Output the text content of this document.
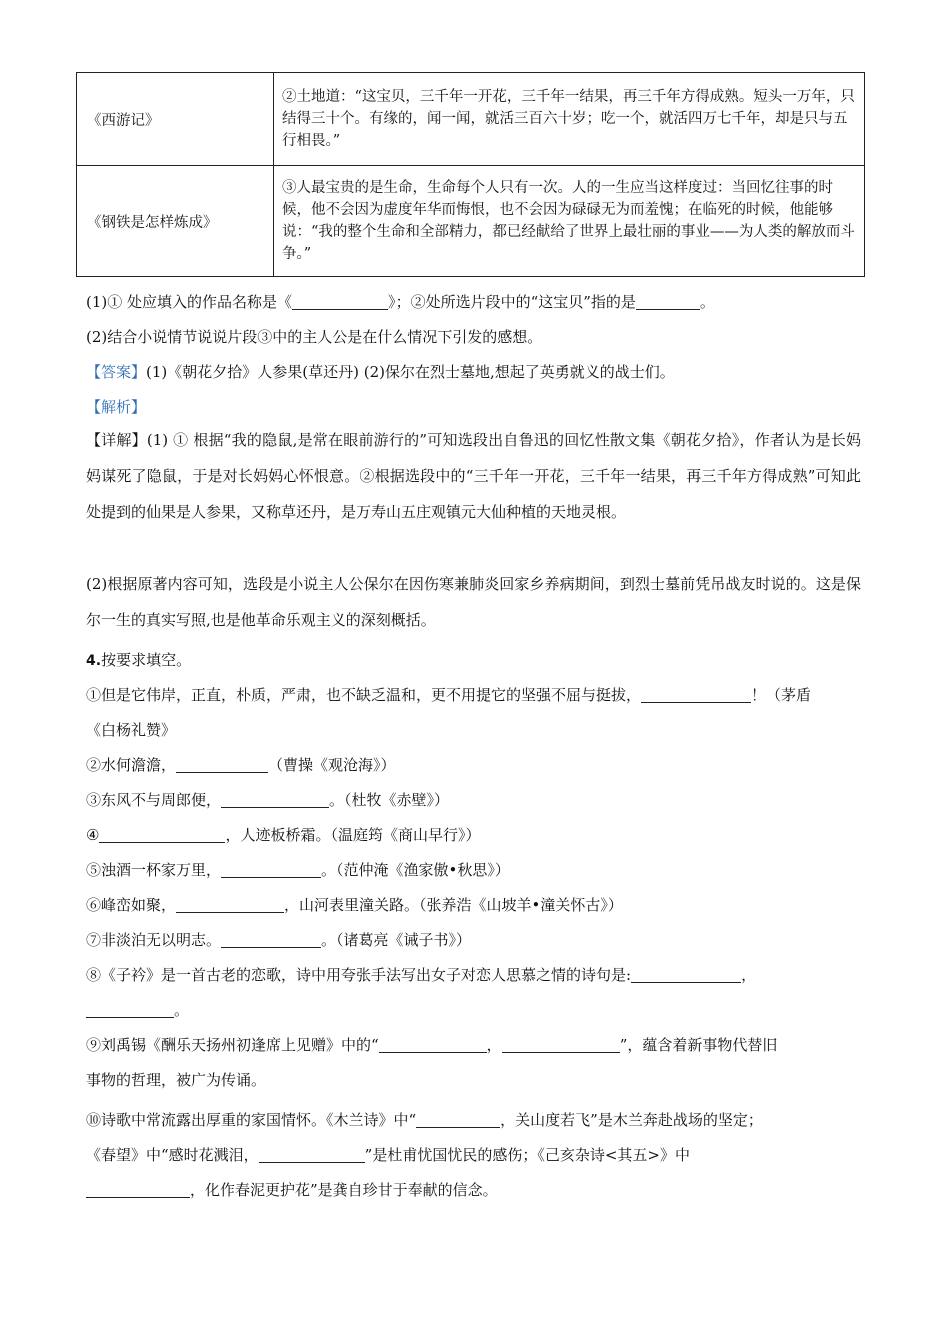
《西游记》	②土地道：“这宝贝，三千年一开花，三千年一结果，再三千年方得成熟。短头一万年，只结得三十个。有缘的，闻一闻，就活三百六十岁；吃一个，就活四万七千年，却是只与五行相畏。”
《钢铁是怎样炼成》	③人最宝贵的是生命，生命每个人只有一次。人的一生应当这样度过：当回忆往事的时候，他不会因为虚度年华而悔恨，也不会因为碌碌无为而羞愧；在临死的时候，他能够说：“我的整个生命和全部精力，都已经献给了世界上最壮丽的事业——为人类的解放而斗争。”
(1)① 处应填入的作品名称是《	》；②处所选片段中的“这宝贝”指的是	。
(2)结合小说情节说说片段③中的主人公是在什么情况下引发的感想。
【答案】(1)《朝花夕拾》人参果(草还丹) (2)保尔在烈士墓地,想起了英勇就义的战士们。
【解析】
【详解】(1) ① 根据“我的隐鼠,是常在眼前游行的”可知选段出自鲁迅的回忆性散文集《朝花夕拾》，作者认为是长妈妈谋死了隐鼠，于是对长妈妈心怀恨意。②根据选段中的“三千年一开花，三千年一结果，再三千年方得成熟”可知此处提到的仙果是人参果，又称草还丹，是万寿山五庄观镇元大仙种植的天地灵根。
(2)根据原著内容可知，选段是小说主人公保尔在因伤寒兼肺炎回家乡养病期间，到烈士墓前凭吊战友时说的。这是保尔一生的真实写照,也是他革命乐观主义的深刻概括。
4.按要求填空。
①但是它伟岸，正直，朴质，严肃，也不缺乏温和，更不用提它的坚强不屈与挺拔，	！（茅盾
《白杨礼赞》
②水何澹澹，	（曹操《观沧海》）
③东风不与周郎便，	。（杜牧《赤壁》）
④	，人迹板桥霜。（温庭筠《商山早行》）
⑤浊酒一杯家万里，	。（范仲淹《渔家傲•秋思》）
⑥峰峦如聚，	，山河表里潼关路。（张养浩《山坡羊•潼关怀古》）
⑦非淡泊无以明志。	。（诸葛亮《诫子书》）
⑧《子衿》是一首古老的恋歌，诗中用夸张手法写出女子对恋人思慕之情的诗句是:	，
。
⑨刘禹锡《酬乐天扬州初逢席上见赠》中的“	，	”，蕴含着新事物代替旧
事物的哲理，被广为传诵。
⑩诗歌中常流露出厚重的家国情怀。《木兰诗》中“	，关山度若飞”是木兰奔赴战场的坚定；
《春望》中“感时花溅泪，	”是杜甫忧国忧民的感伤；《己亥杂诗<其五>》中
，化作春泥更护花”是龚自珍甘于奉献的信念。
